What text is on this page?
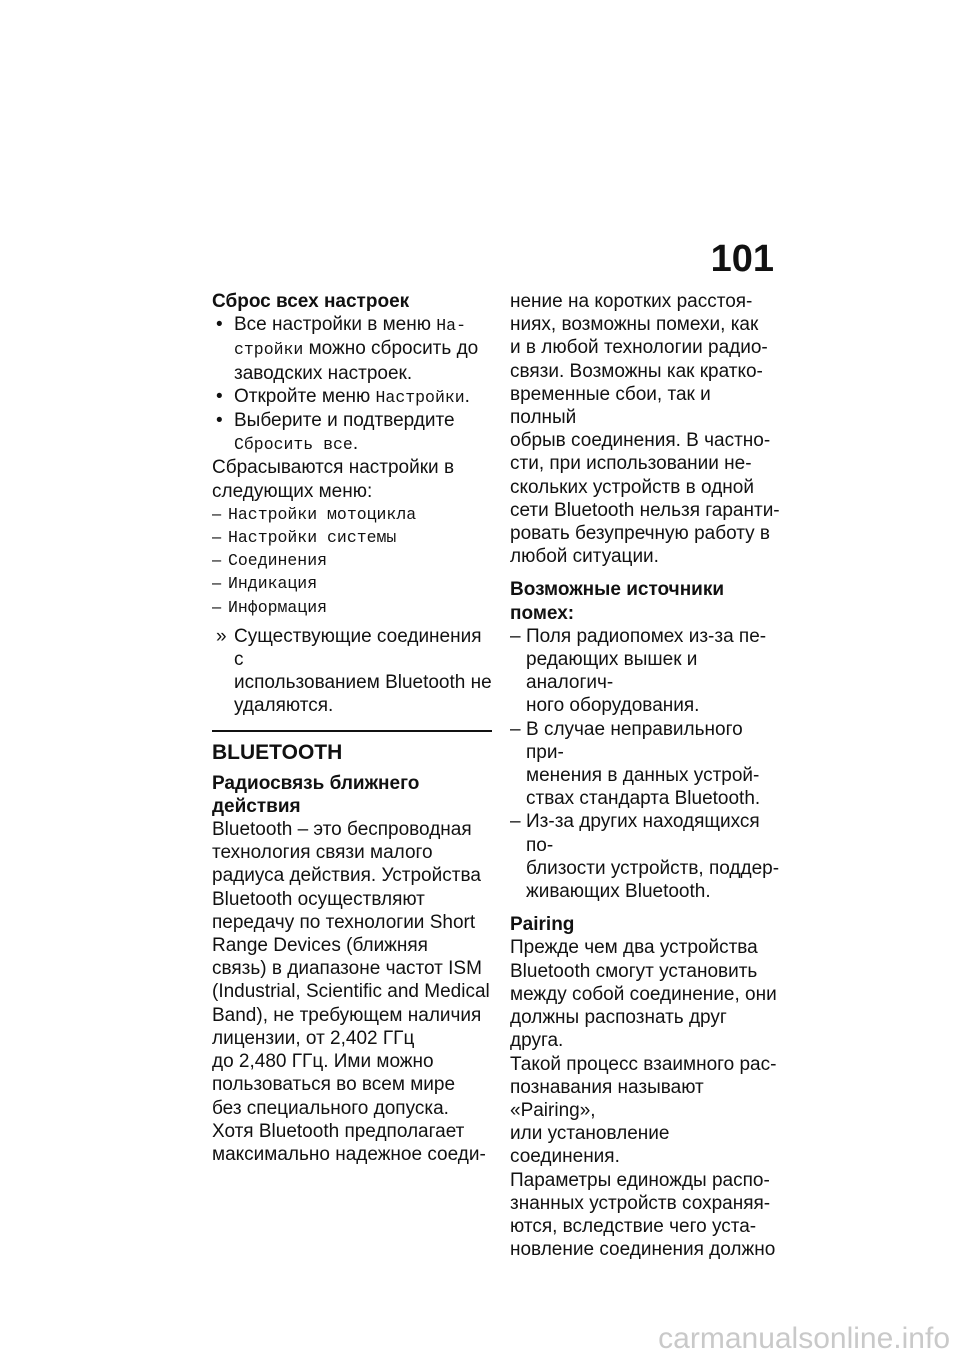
101

Сброс всех настроек

• Все настройки в меню На-
стройки можно сбросить до
заводских настроек.
• Откройте меню Настройки.
• Выберите и подтвердите
Сбросить все.
Сбрасываются настройки в
следующих меню:
– Настройки мотоцикла
– Настройки системы
– Соединения
– Индикация
– Информация
» Существующие соединения с
использованием Bluetooth не
удаляются.

BLUETOOTH

Радиосвязь ближнего
действия
Bluetooth – это беспроводная
технология связи малого
радиуса действия. Устройства
Bluetooth осуществляют
передачу по технологии Short
Range Devices (ближняя
связь) в диапазоне частот ISM
(Industrial, Scientific and Medical
Band), не требующем наличия
лицензии, от 2,402 ГГц
до 2,480 ГГц. Ими можно
пользоваться во всем мире
без специального допуска.
Хотя Bluetooth предполагает
максимально надежное соеди-
нение на коротких расстоя-
ниях, возможны помехи, как
и в любой технологии радио-
связи. Возможны как кратко-
временные сбои, так и полный
обрыв соединения. В частно-
сти, при использовании не-
скольких устройств в одной
сети Bluetooth нельзя гаранти-
ровать безупречную работу в
любой ситуации.
Возможные источники
помех:
– Поля радиопомех из-за пе-
редающих вышек и аналогич-
ного оборудования.
– В случае неправильного при-
менения в данных устрой-
ствах стандарта Bluetooth.
– Из-за других находящихся по-
близости устройств, поддер-
живающих Bluetooth.

Pairing

Прежде чем два устройства
Bluetooth смогут установить
между собой соединение, они
должны распознать друг друга.
Такой процесс взаимного рас-
познавания называют «Pairing»,
или установление соединения.
Параметры единожды распо-
знанных устройств сохраняя-
ются, вследствие чего уста-
новление соединения должно
carmanualsonline.info
